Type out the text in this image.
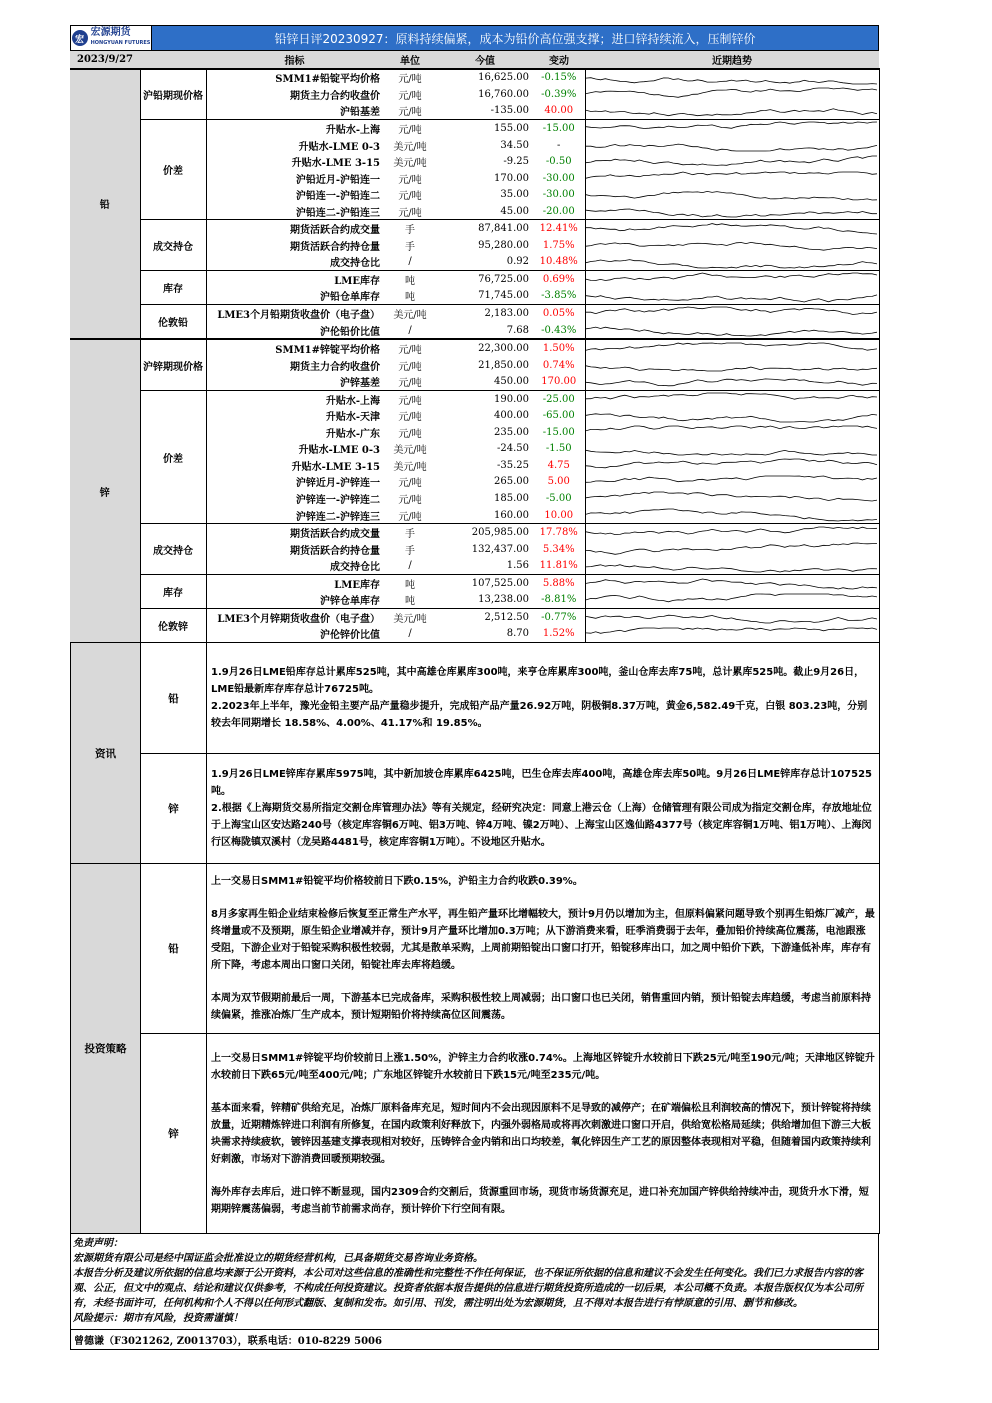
宏
宏源期货
HONGYUAN FUTURES	铅锌日评20230927：原料持续偏紧，成本为铅价高位强支撑；进口锌持续流入，压制锌价
2023/9/27		指标	单位	今值	变动	近期趋势
铅	沪铅期现价格	SMM1#铅锭平均价格	元/吨	16,625.00	-0.15%	

		期货主力合约收盘价	元/吨	16,760.00	-0.39%	

		沪铅基差	元/吨	-135.00	40.00	

	价差	升贴水-上海	元/吨	155.00	-15.00	

		升贴水-LME 0-3	美元/吨	34.50	-	

		升贴水-LME 3-15	美元/吨	-9.25	-0.50	

		沪铅近月-沪铅连一	元/吨	170.00	-30.00	

		沪铅连一-沪铅连二	元/吨	35.00	-30.00	

		沪铅连二-沪铅连三	元/吨	45.00	-20.00	

	成交持仓	期货活跃合约成交量	手	87,841.00	12.41%	

		期货活跃合约持仓量	手	95,280.00	1.75%	

		成交持仓比	/	0.92	10.48%	

	库存	LME库存	吨	76,725.00	0.69%	

		沪铅仓单库存	吨	71,745.00	-3.85%	

	伦敦铅	LME3个月铅期货收盘价（电子盘）	美元/吨	2,183.00	0.05%	

		沪伦铅价比值	/	7.68	-0.43%	

锌	沪锌期现价格	SMM1#锌锭平均价格	元/吨	22,300.00	1.50%	

		期货主力合约收盘价	元/吨	21,850.00	0.74%	

		沪锌基差	元/吨	450.00	170.00	

	价差	升贴水-上海	元/吨	190.00	-25.00	

		升贴水-天津	元/吨	400.00	-65.00	

		升贴水-广东	元/吨	235.00	-15.00	

		升贴水-LME 0-3	美元/吨	-24.50	-1.50	

		升贴水-LME 3-15	美元/吨	-35.25	4.75	

		沪锌近月-沪锌连一	元/吨	265.00	5.00	

		沪锌连一-沪锌连二	元/吨	185.00	-5.00	

		沪锌连二-沪锌连三	元/吨	160.00	10.00	

	成交持仓	期货活跃合约成交量	手	205,985.00	17.78%	

		期货活跃合约持仓量	手	132,437.00	5.34%	

		成交持仓比	/	1.56	11.81%	

	库存	LME库存	吨	107,525.00	5.88%	

		沪锌仓单库存	吨	13,238.00	-8.81%	

	伦敦锌	LME3个月锌期货收盘价（电子盘）	美元/吨	2,512.50	-0.77%	

		沪伦锌价比值	/	8.70	1.52%	
资讯	铅	1.9月26日LME铅库存总计累库525吨，其中高雄仓库累库300吨，来亨仓库累库300吨，釜山仓库去库75吨，总计累库525吨。截止9月26日，LME铅最新库存库存总计76725吨。

2.2023年上半年，豫光金铅主要产品产量稳步提升，完成铅产品产量26.92万吨，阴极铜8.37万吨，黄金6,582.49千克，白银 803.23吨，分别较去年同期增长 18.58%、4.00%、41.17%和 19.85%。

	锌	1.9月26日LME锌库存累库5975吨，其中新加坡仓库累库6425吨，巴生仓库去库400吨，高雄仓库去库50吨。9月26日LME锌库存总计107525吨。

2.根据《上海期货交易所指定交割仓库管理办法》等有关规定，经研究决定：同意上港云仓（上海）仓储管理有限公司成为指定交割仓库，存放地址位于上海宝山区安达路240号（核定库容铜6万吨、铝3万吨、锌4万吨、镍2万吨）、上海宝山区逸仙路4377号（核定库容铜1万吨、铝1万吨）、上海闵行区梅陇镇双溪村（龙吴路4481号，核定库容铜1万吨）。不设地区升贴水。

投资策略	铅	上一交易日SMM1#铅锭平均价格较前日下跌0.15%，沪铅主力合约收跌0.39%。

8月多家再生铅企业结束检修后恢复至正常生产水平，再生铅产量环比增幅较大，预计9月仍以增加为主，但原料偏紧问题导致个别再生铅炼厂减产，最终增量或不及预期，原生铅企业增减并存，预计9月产量环比增加0.3万吨；从下游消费来看，旺季消费弱于去年，叠加铅价持续高位震荡，电池跟涨受阻，下游企业对于铅锭采购积极性较弱，尤其是散单采购，上周前期铅锭出口窗口打开，铅锭移库出口，加之周中铅价下跌，下游逢低补库，库存有所下降，考虑本周出口窗口关闭，铅锭社库去库将趋缓。

本周为双节假期前最后一周，下游基本已完成备库，采购积极性较上周减弱；出口窗口也已关闭，销售重回内销，预计铅锭去库趋缓，考虑当前原料持续偏紧，推涨冶炼厂生产成本，预计短期铅价将持续高位区间震荡。

	锌	上一交易日SMM1#锌锭平均价较前日上涨1.50%，沪锌主力合约收涨0.74%。上海地区锌锭升水较前日下跌25元/吨至190元/吨；天津地区锌锭升水较前日下跌65元/吨至400元/吨；广东地区锌锭升水较前日下跌15元/吨至235元/吨。

基本面来看，锌精矿供给充足，冶炼厂原料备库充足，短时间内不会出现因原料不足导致的减停产；在矿端偏松且利润较高的情况下，预计锌锭将持续放量，近期精炼锌进口利润有所修复，在国内政策利好释放下，内强外弱格局或将再次刺激进口窗口开启，供给宽松格局延续；供给增加但下游三大板块需求持续疲软，镀锌因基建支撑表现相对较好，压铸锌合金内销和出口均较差，氧化锌因生产工艺的原因整体表现相对平稳，但随着国内政策持续利好刺激，市场对下游消费回暖预期较强。

海外库存去库后，进口锌不断显现，国内2309合约交割后，货源重回市场，现货市场货源充足，进口补充加国产锌供给持续冲击，现货升水下滑，短期期锌震荡偏弱，考虑当前节前需求尚存，预计锌价下行空间有限。

免责声明：
宏源期货有限公司是经中国证监会批准设立的期货经营机构，已具备期货交易咨询业务资格。
本报告分析及建议所依据的信息均来源于公开资料，本公司对这些信息的准确性和完整性不作任何保证，也不保证所依据的信息和建议不会发生任何变化。我们已力求报告内容的客观、公正，但文中的观点、结论和建议仅供参考，不构成任何投资建议。投资者依据本报告提供的信息进行期货投资所造成的一切后果，本公司概不负责。本报告版权仅为本公司所有，未经书面许可，任何机构和个人不得以任何形式翻版、复制和发布。如引用、刊发，需注明出处为宏源期货，且不得对本报告进行有悖原意的引用、删节和修改。
风险提示：期市有风险，投资需谨慎！
曾德谦（F3021262, Z0013703），联系电话：010-8229 5006
